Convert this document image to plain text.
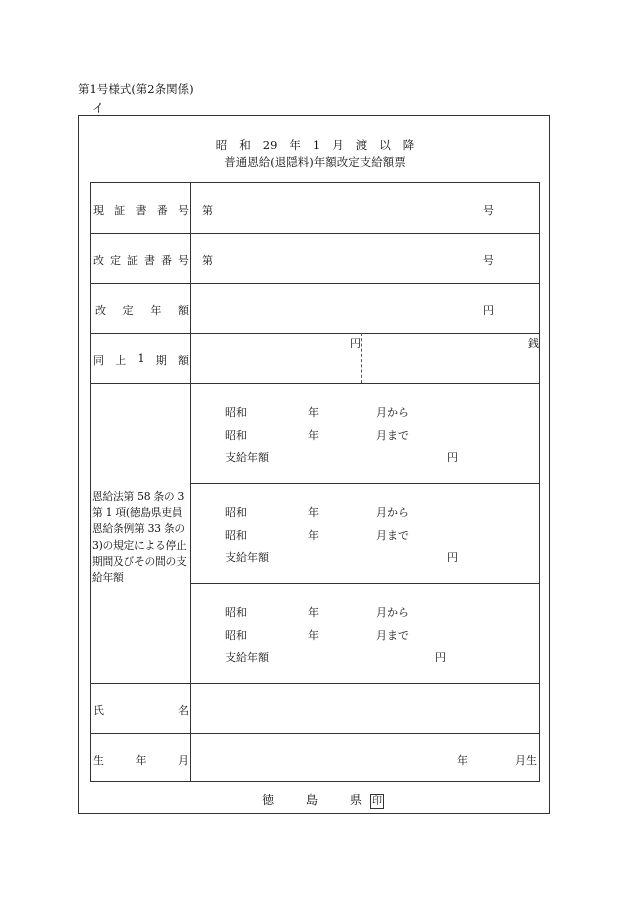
第1号様式(第2条関係)
イ
昭 和 29 年 1 月 渡 以 降
普通恩給(退隠料)年額改定支給額票
現 証 書 番 号 第	号
改 定 証 書 番 号 第	号
改 定 年 額	円
同 上 1 期 額
円	銭
恩給法第 58 条の 3 第 1 項(徳島県吏員恩給条例第 33 条の 3)の規定による停止期間及びその間の支給年額
昭和	年	月から
昭和	年	月まで
支給年額	円
昭和	年	月から
昭和	年	月まで
支給年額	円
昭和	年	月から
昭和	年	月まで
支給年額	円
氏	名
生	年	月	年	月生
徳	島	県 印
